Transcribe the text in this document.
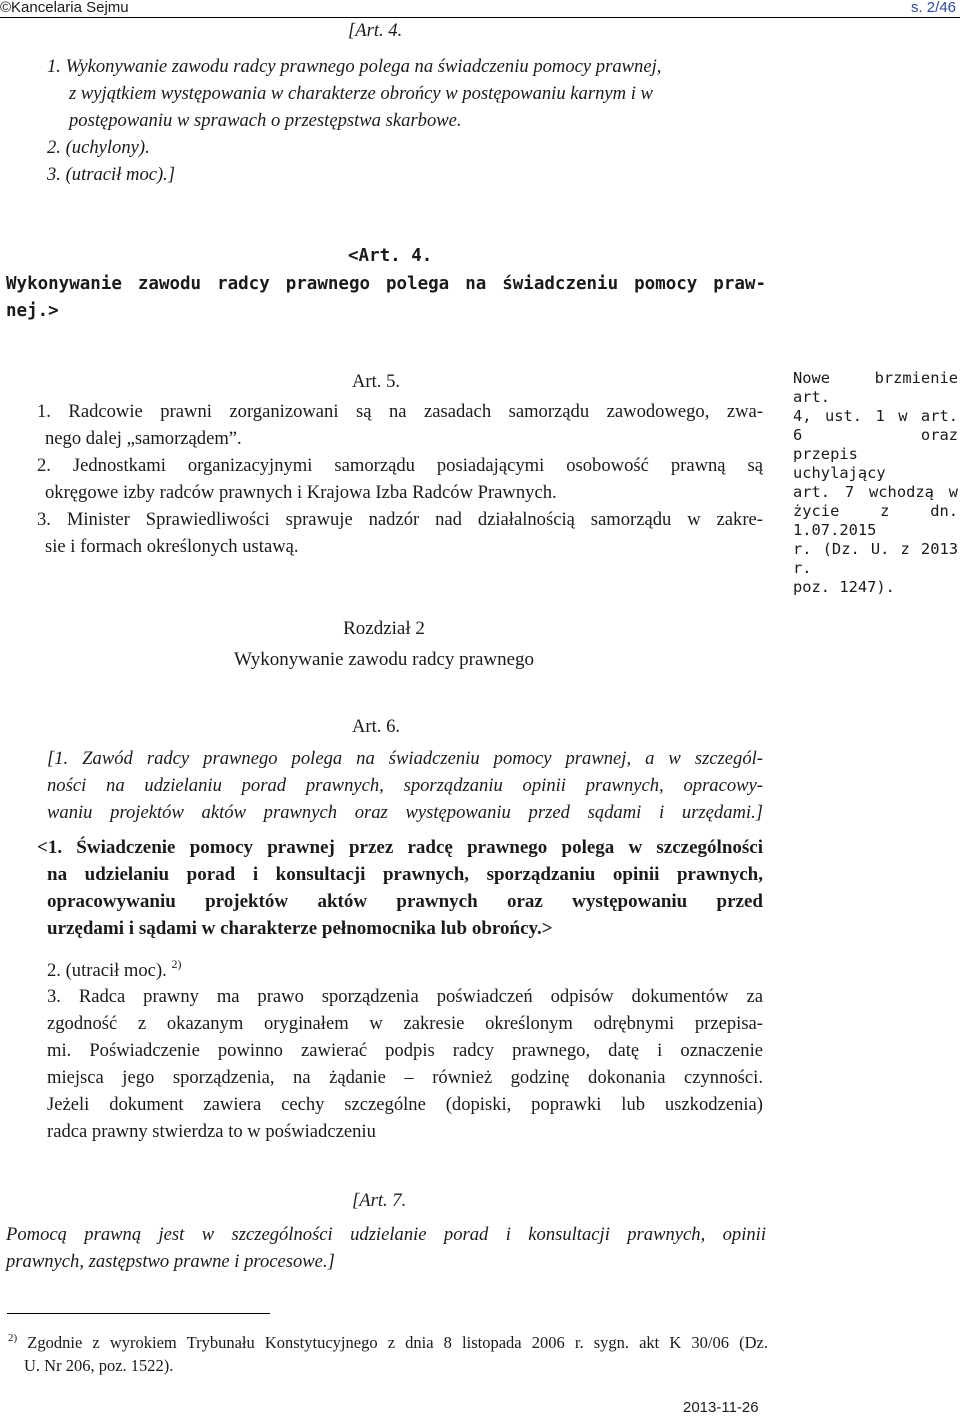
©Kancelaria Sejmu	s. 2/46
[Art. 4.
1. Wykonywanie zawodu radcy prawnego polega na świadczeniu pomocy prawnej,
z wyjątkiem występowania w charakterze obrońcy w postępowaniu karnym i w
postępowaniu w sprawach o przestępstwa skarbowe.
2. (uchylony).
3. (utracił moc).]
<Art. 4.
Wykonywanie zawodu radcy prawnego polega na świadczeniu pomocy praw-
nej.>
Art. 5.
1. Radcowie prawni zorganizowani są na zasadach samorządu zawodowego, zwa-
nego dalej „samorządem”.
2. Jednostkami organizacyjnymi samorządu posiadającymi osobowość prawną są
okręgowe izby radców prawnych i Krajowa Izba Radców Prawnych.
3. Minister Sprawiedliwości sprawuje nadzór nad działalnością samorządu w zakre-
sie i formach określonych ustawą.
Nowe brzmienie art.
4, ust. 1 w art. 6 oraz
przepis uchylający
art. 7 wchodzą w
życie z dn. 1.07.2015
r. (Dz. U. z 2013 r.
poz. 1247).
Rozdział 2
Wykonywanie zawodu radcy prawnego
Art. 6.
[1. Zawód radcy prawnego polega na świadczeniu pomocy prawnej, a w szczegól-
ności na udzielaniu porad prawnych, sporządzaniu opinii prawnych, opracowy-
waniu projektów aktów prawnych oraz występowaniu przed sądami i urzędami.]
<1. Świadczenie pomocy prawnej przez radcę prawnego polega w szczególności
na udzielaniu porad i konsultacji prawnych, sporządzaniu opinii prawnych,
opracowywaniu projektów aktów prawnych oraz występowaniu przed
urzędami i sądami w charakterze pełnomocnika lub obrońcy.>
2. (utracił moc). $^{2)}$
3. Radca prawny ma prawo sporządzenia poświadczeń odpisów dokumentów za
zgodność z okazanym oryginałem w zakresie określonym odrębnymi przepisa-
mi. Poświadczenie powinno zawierać podpis radcy prawnego, datę i oznaczenie
miejsca jego sporządzenia, na żądanie – również godzinę dokonania czynności.
Jeżeli dokument zawiera cechy szczególne (dopiski, poprawki lub uszkodzenia)
radca prawny stwierdza to w poświadczeniu
[Art. 7.
Pomocą prawną jest w szczególności udzielanie porad i konsultacji prawnych, opinii
prawnych, zastępstwo prawne i procesowe.]
$^{2)}$ Zgodnie z wyrokiem Trybunału Konstytucyjnego z dnia 8 listopada 2006 r. sygn. akt K 30/06 (Dz.
U. Nr 206, poz. 1522).
2013-11-26
